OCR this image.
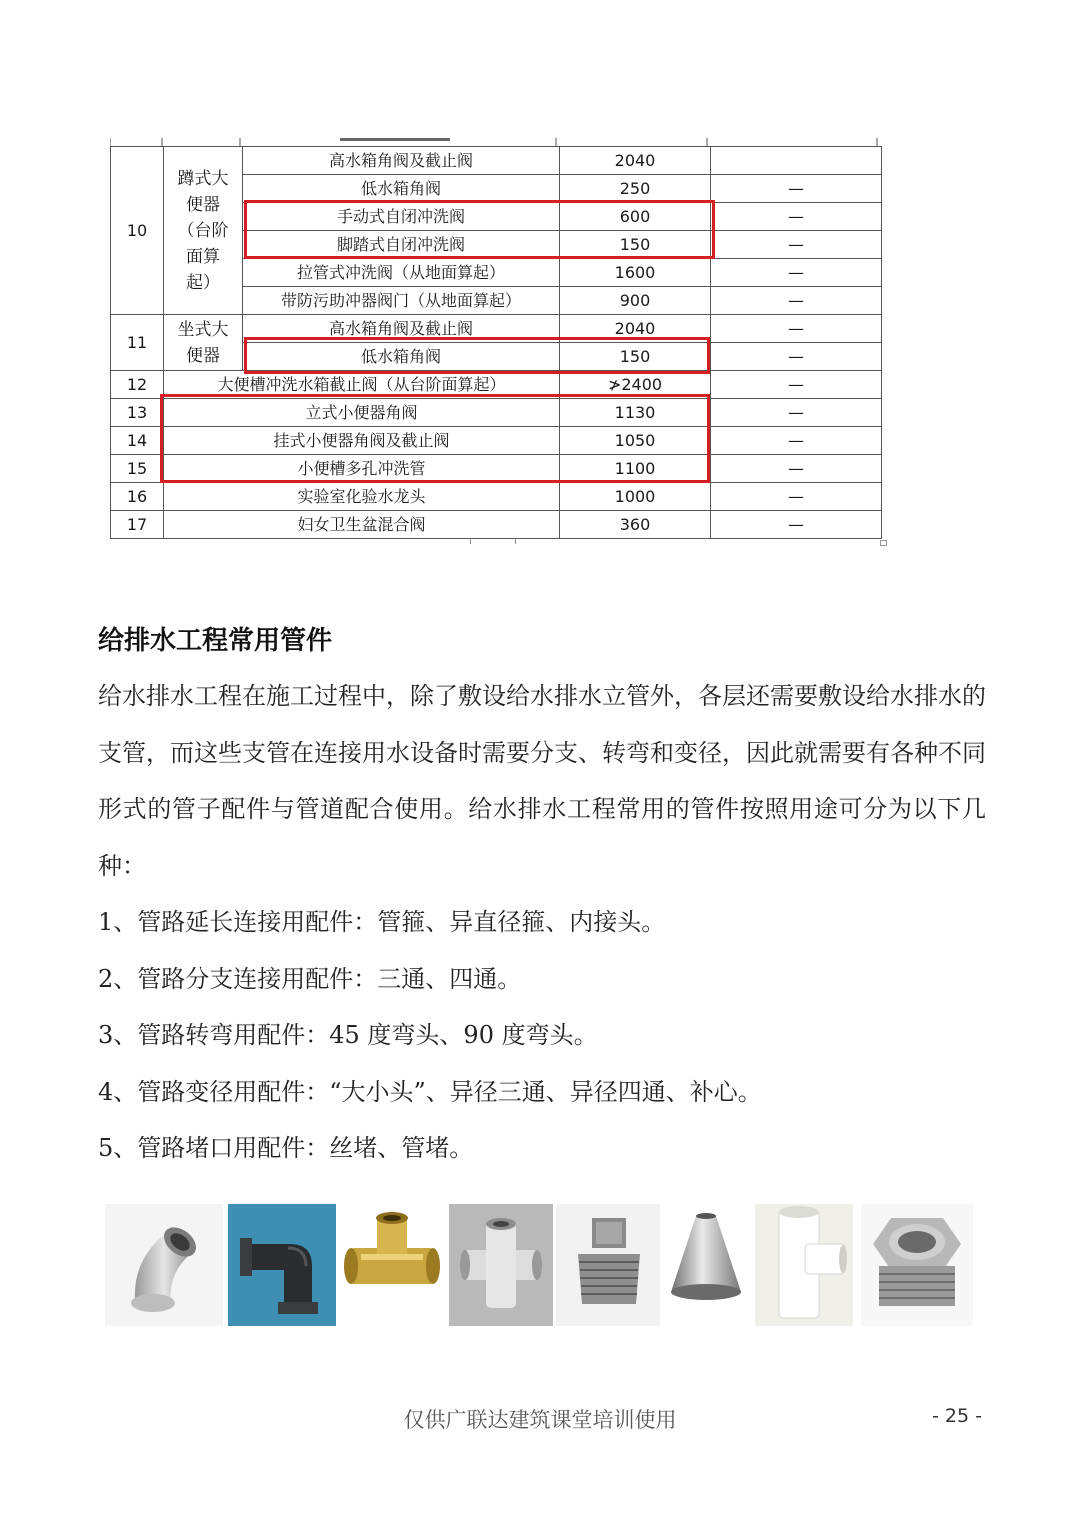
10	蹲式大
便器
（台阶
面算
起）	高水箱角阀及截止阀	2040	
		低水箱角阀	250	—
		手动式自闭冲洗阀	600	—
		脚踏式自闭冲洗阀	150	—
		拉管式冲洗阀（从地面算起）	1600	—
		带防污助冲器阀门（从地面算起）	900	—
11	坐式大
便器	高水箱角阀及截止阀	2040	—
		低水箱角阀	150	—
12	大便槽冲洗水箱截止阀（从台阶面算起）		≯2400	—
13	立式小便器角阀		1130	—
14	挂式小便器角阀及截止阀		1050	—
15	小便槽多孔冲洗管		1100	—
16	实验室化验水龙头		1000	—
17	妇女卫生盆混合阀		360	—
给排水工程常用管件
给水排水工程在施工过程中，除了敷设给水排水立管外，各层还需要敷设给水排水的支管，而这些支管在连接用水设备时需要分支、转弯和变径，因此就需要有各种不同形式的管子配件与管道配合使用。给水排水工程常用的管件按照用途可分为以下几种：
1、管路延长连接用配件：管箍、异直径箍、内接头。
2、管路分支连接用配件：三通、四通。
3、管路转弯用配件：45 度弯头、90 度弯头。
4、管路变径用配件：“大小头”、异径三通、异径四通、补心。
5、管路堵口用配件：丝堵、管堵。
仅供广联达建筑课堂培训使用	- 25 -
